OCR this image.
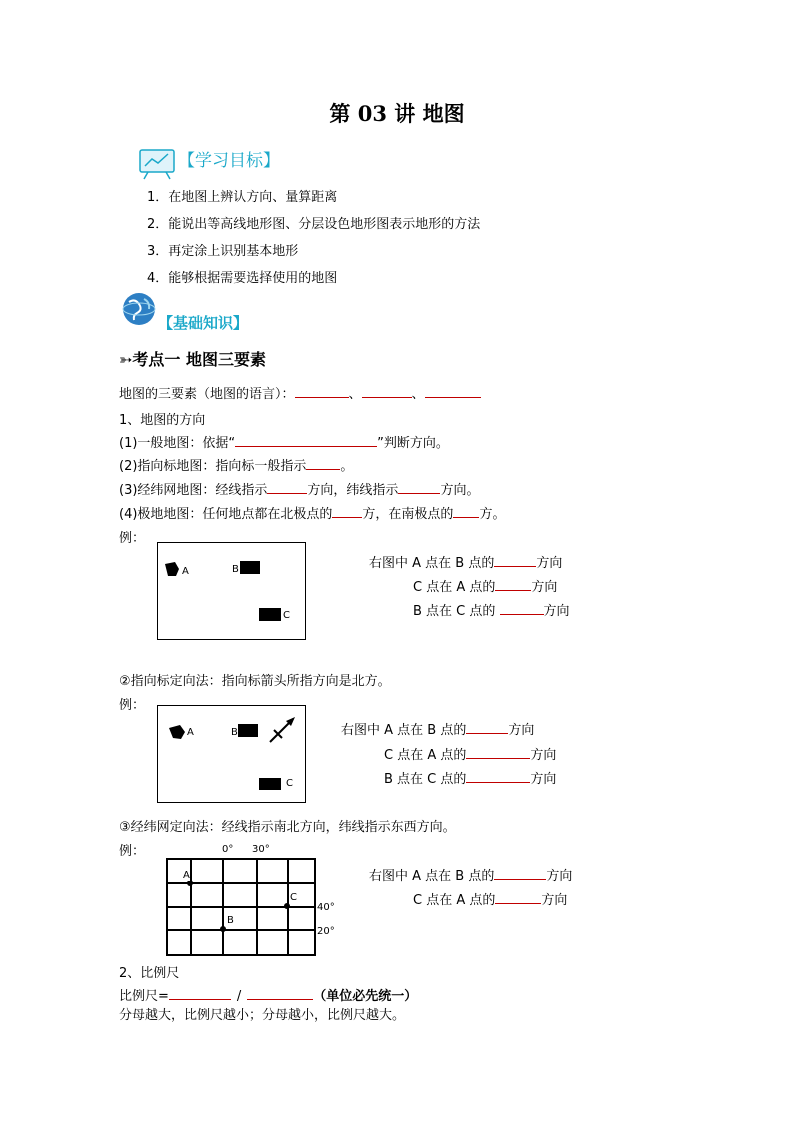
第 03 讲 地图
【学习目标】
1．在地图上辨认方向、量算距离
2．能说出等高线地形图、分层设色地形图表示地形的方法
3．再定涂上识别基本地形
4．能够根据需要选择使用的地图
【基础知识】
➳考点一 地图三要素
地图的三要素（地图的语言）：	、	、
1、地图的方向
(1)一般地图：依据“	”判断方向。
(2)指向标地图：指向标一般指示	。
(3)经纬网地图：经线指示	方向，纬线指示	方向。
(4)极地地图：任何地点都在北极点的 方，在南极点的 方。
例：
A	B
C
右图中 A 点在 B 点的	方向
C 点在 A 点的	方向
B 点在 C 点的	方向
②指向标定向法：指向标箭头所指方向是北方。
例：
A	B
C
右图中 A 点在 B 点的	方向
C 点在 A 点的	方向
B 点在 C 点的	方向
③经纬网定向法：经线指示南北方向，纬线指示东西方向。
例：	0° 30°
A
B
C
40°
20°
右图中 A 点在 B 点的	方向
C 点在 A 点的	方向
2、比例尺
比例尺=	/	（单位必先统一）
分母越大，比例尺越小；分母越小，比例尺越大。
